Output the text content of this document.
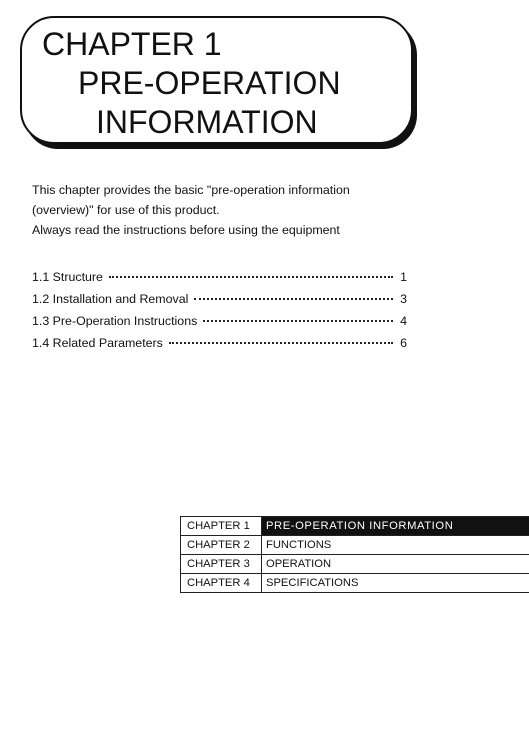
CHAPTER 1
PRE-OPERATION
INFORMATION

This chapter provides the basic "pre-operation information

(overview)" for use of this product.

Always read the instructions before using the equipment

1.1 Structure	1
1.2 Installation and Removal	3
1.3 Pre-Operation Instructions	4
1.4 Related Parameters	6
CHAPTER 1	PRE-OPERATION INFORMATION
CHAPTER 2	FUNCTIONS
CHAPTER 3	OPERATION
CHAPTER 4	SPECIFICATIONS
